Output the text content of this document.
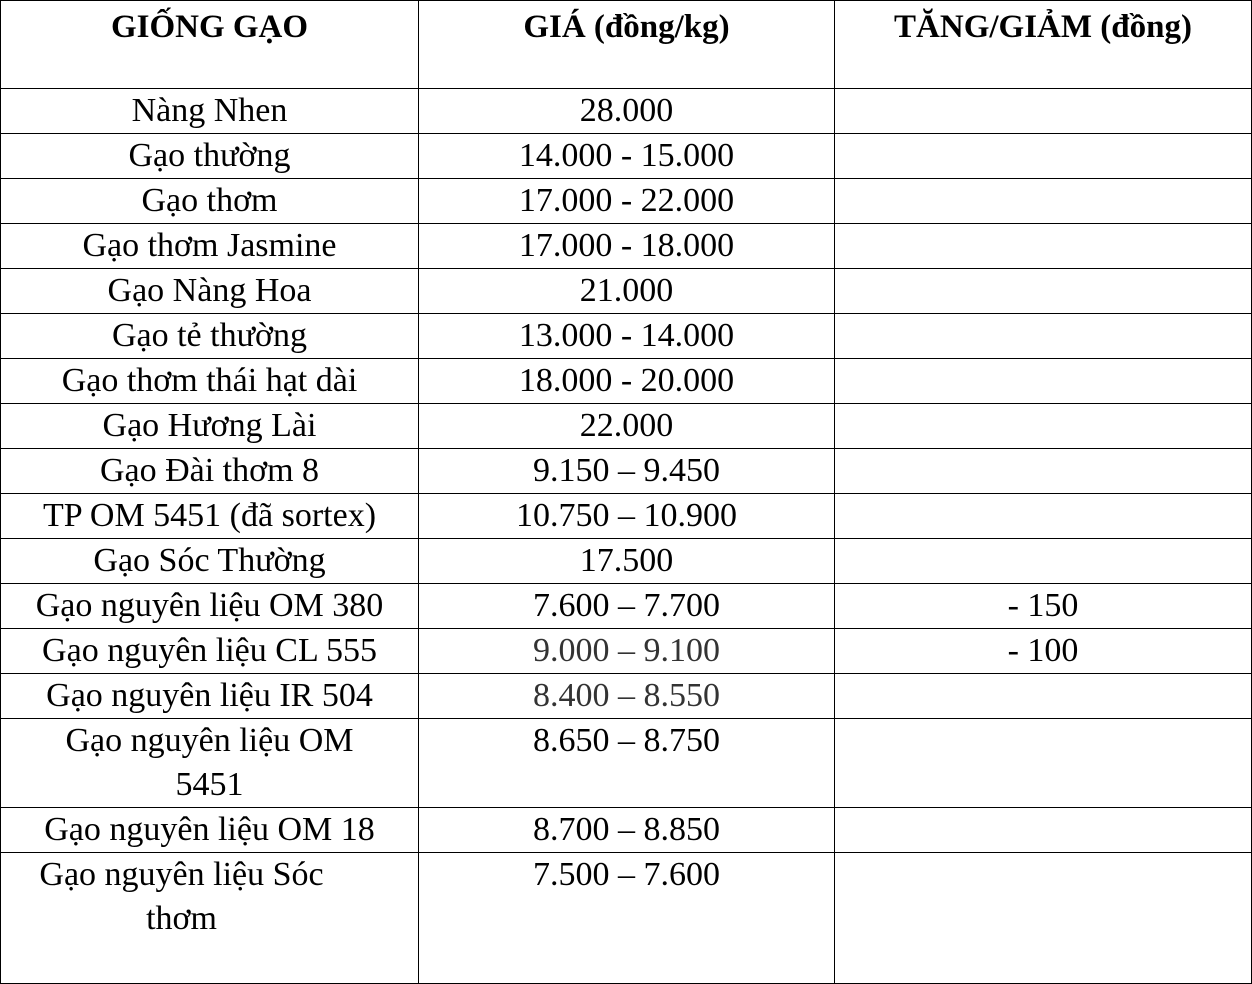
GIỐNG GẠO	GIÁ (đồng/kg)	TĂNG/GIẢM (đồng)
Nàng Nhen	28.000	
Gạo thường	14.000 - 15.000	
Gạo thơm	17.000 - 22.000	
Gạo thơm Jasmine	17.000 - 18.000	
Gạo Nàng Hoa	21.000	
Gạo tẻ thường	13.000 - 14.000	
Gạo thơm thái hạt dài	18.000 - 20.000	
Gạo Hương Lài	22.000	
Gạo Đài thơm 8	9.150 – 9.450	
TP OM 5451 (đã sortex)	10.750 – 10.900	
Gạo Sóc Thường	17.500	
Gạo nguyên liệu OM 380	7.600 – 7.700	- 150
Gạo nguyên liệu CL 555	9.000 – 9.100	- 100
Gạo nguyên liệu IR 504	8.400 – 8.550	
Gạo nguyên liệu OM 5451	8.650 – 8.750	
Gạo nguyên liệu OM 18	8.700 – 8.850	
Gạo nguyên liệu Sóc thơm	7.500 – 7.600	
